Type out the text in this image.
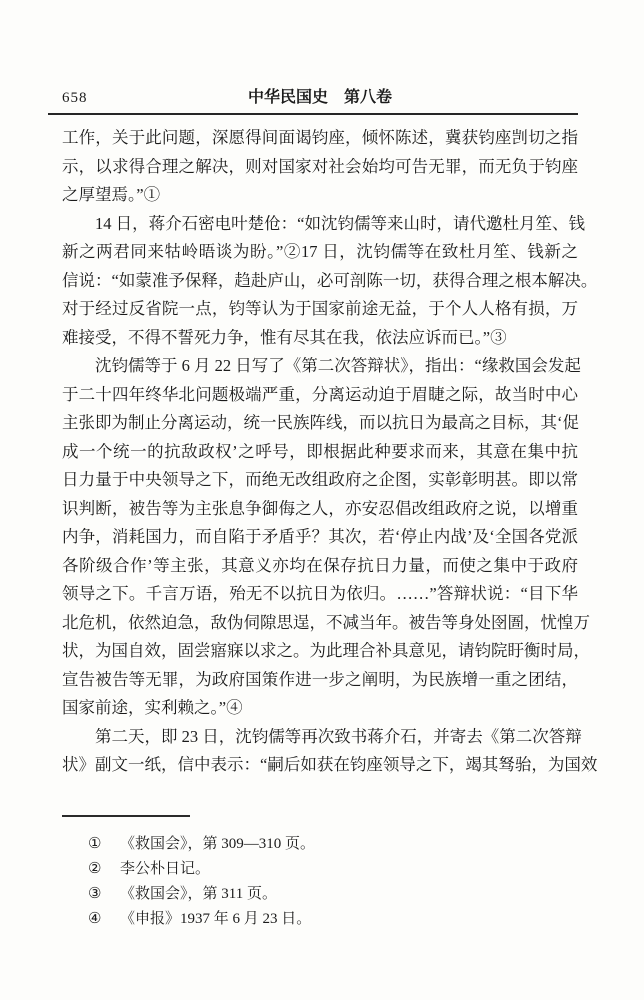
658	中华民国史　第八卷
工作，关于此问题，深愿得间面谒钧座，倾怀陈述，冀获钧座剀切之指
示，以求得合理之解决，则对国家对社会始均可告无罪，而无负于钧座
之厚望焉。”①
14 日，蒋介石密电叶楚伧：“如沈钧儒等来山时，请代邀杜月笙、钱
新之两君同来牯岭晤谈为盼。”②17 日，沈钧儒等在致杜月笙、钱新之
信说：“如蒙准予保释，趋赴庐山，必可剖陈一切，获得合理之根本解决。
对于经过反省院一点，钧等认为于国家前途无益，于个人人格有损，万
难接受，不得不誓死力争，惟有尽其在我，依法应诉而已。”③
沈钧儒等于 6 月 22 日写了《第二次答辩状》，指出：“缘救国会发起
于二十四年终华北问题极端严重，分离运动迫于眉睫之际，故当时中心
主张即为制止分离运动，统一民族阵线，而以抗日为最高之目标，其‘促
成一个统一的抗敌政权’之呼号，即根据此种要求而来，其意在集中抗
日力量于中央领导之下，而绝无改组政府之企图，实彰彰明甚。即以常
识判断，被告等为主张息争御侮之人，亦安忍倡改组政府之说，以增重
内争，消耗国力，而自陷于矛盾乎？其次，若‘停止内战’及‘全国各党派
各阶级合作’等主张，其意义亦均在保存抗日力量，而使之集中于政府
领导之下。千言万语，殆无不以抗日为依归。……”答辩状说：“目下华
北危机，依然迫急，敌伪伺隙思逞，不减当年。被告等身处囹圄，忧惶万
状，为国自效，固尝寤寐以求之。为此理合补具意见，请钧院盱衡时局，
宣告被告等无罪，为政府国策作进一步之阐明，为民族增一重之团结，
国家前途，实利赖之。”④
第二天，即 23 日，沈钧儒等再次致书蒋介石，并寄去《第二次答辩
状》副文一纸，信中表示：“嗣后如获在钧座领导之下，竭其驽骀，为国效
①	《救国会》，第 309—310 页。
②	李公朴日记。
③	《救国会》，第 311 页。
④	《申报》1937 年 6 月 23 日。
